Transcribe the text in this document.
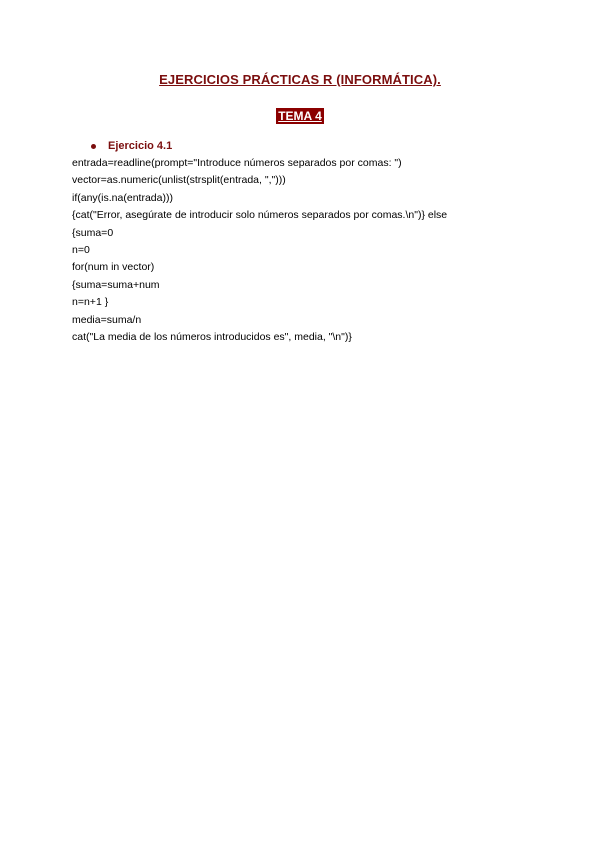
EJERCICIOS PRÁCTICAS R (INFORMÁTICA).
TEMA 4
Ejercicio 4.1
entrada=readline(prompt="Introduce números separados por comas: ")
vector=as.numeric(unlist(strsplit(entrada, ",")))
if(any(is.na(entrada)))
{cat("Error, asegúrate de introducir solo números separados por comas.\n")} else
{suma=0
n=0
for(num in vector)
{suma=suma+num
n=n+1 }
media=suma/n
cat("La media de los números introducidos es", media, "\n")}
